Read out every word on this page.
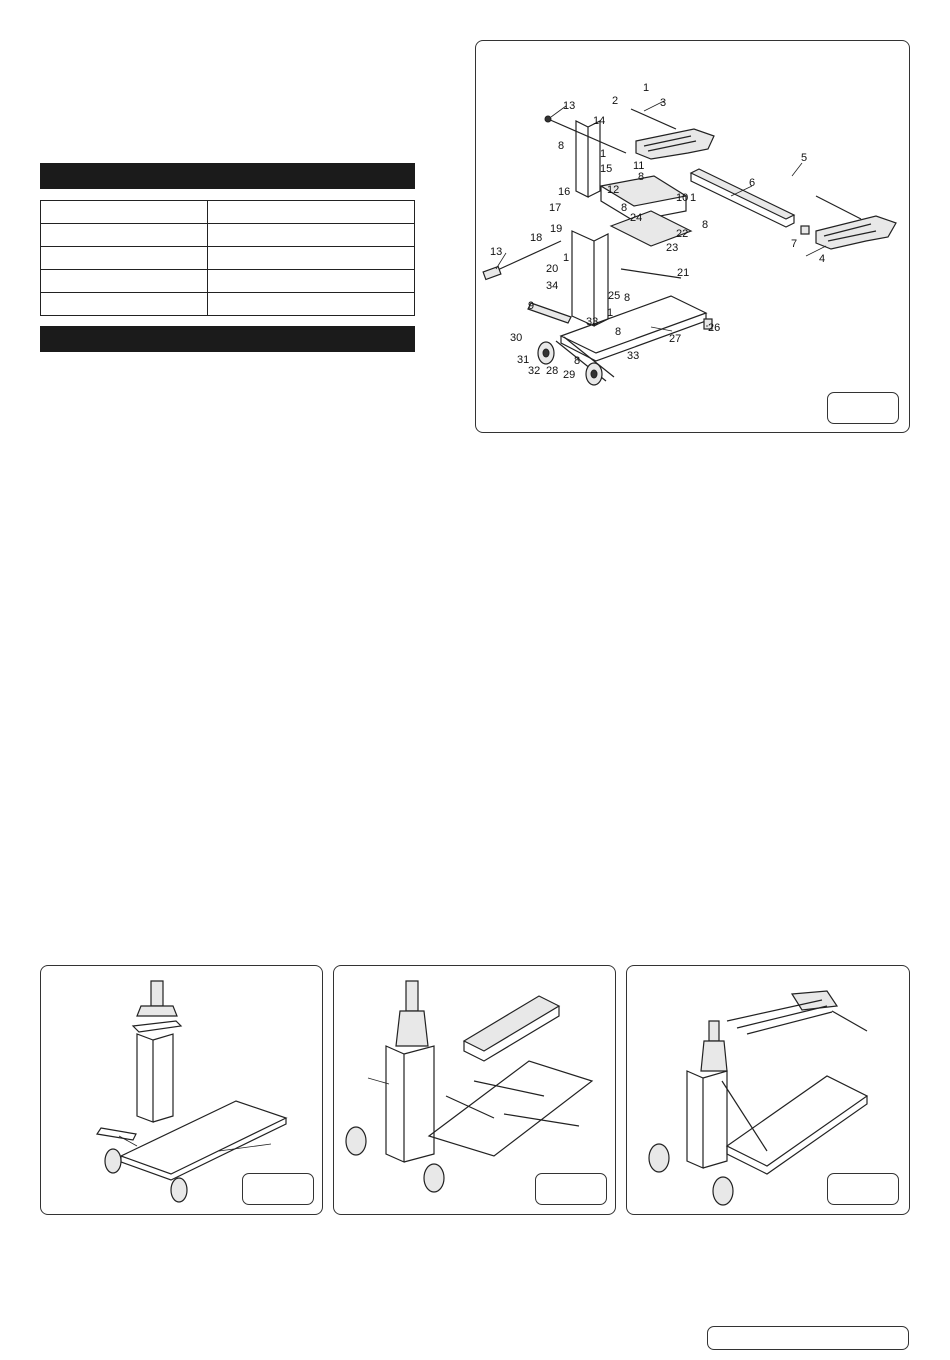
1
2	3
13
14
8
15
1
11
8
12
16	10
6
5
1
17	8
24
8
19	22
23	7
4
13
18
1
20	21
34
25 8
9
33
1
8
27
26
30
31	33
32 28
8
29
